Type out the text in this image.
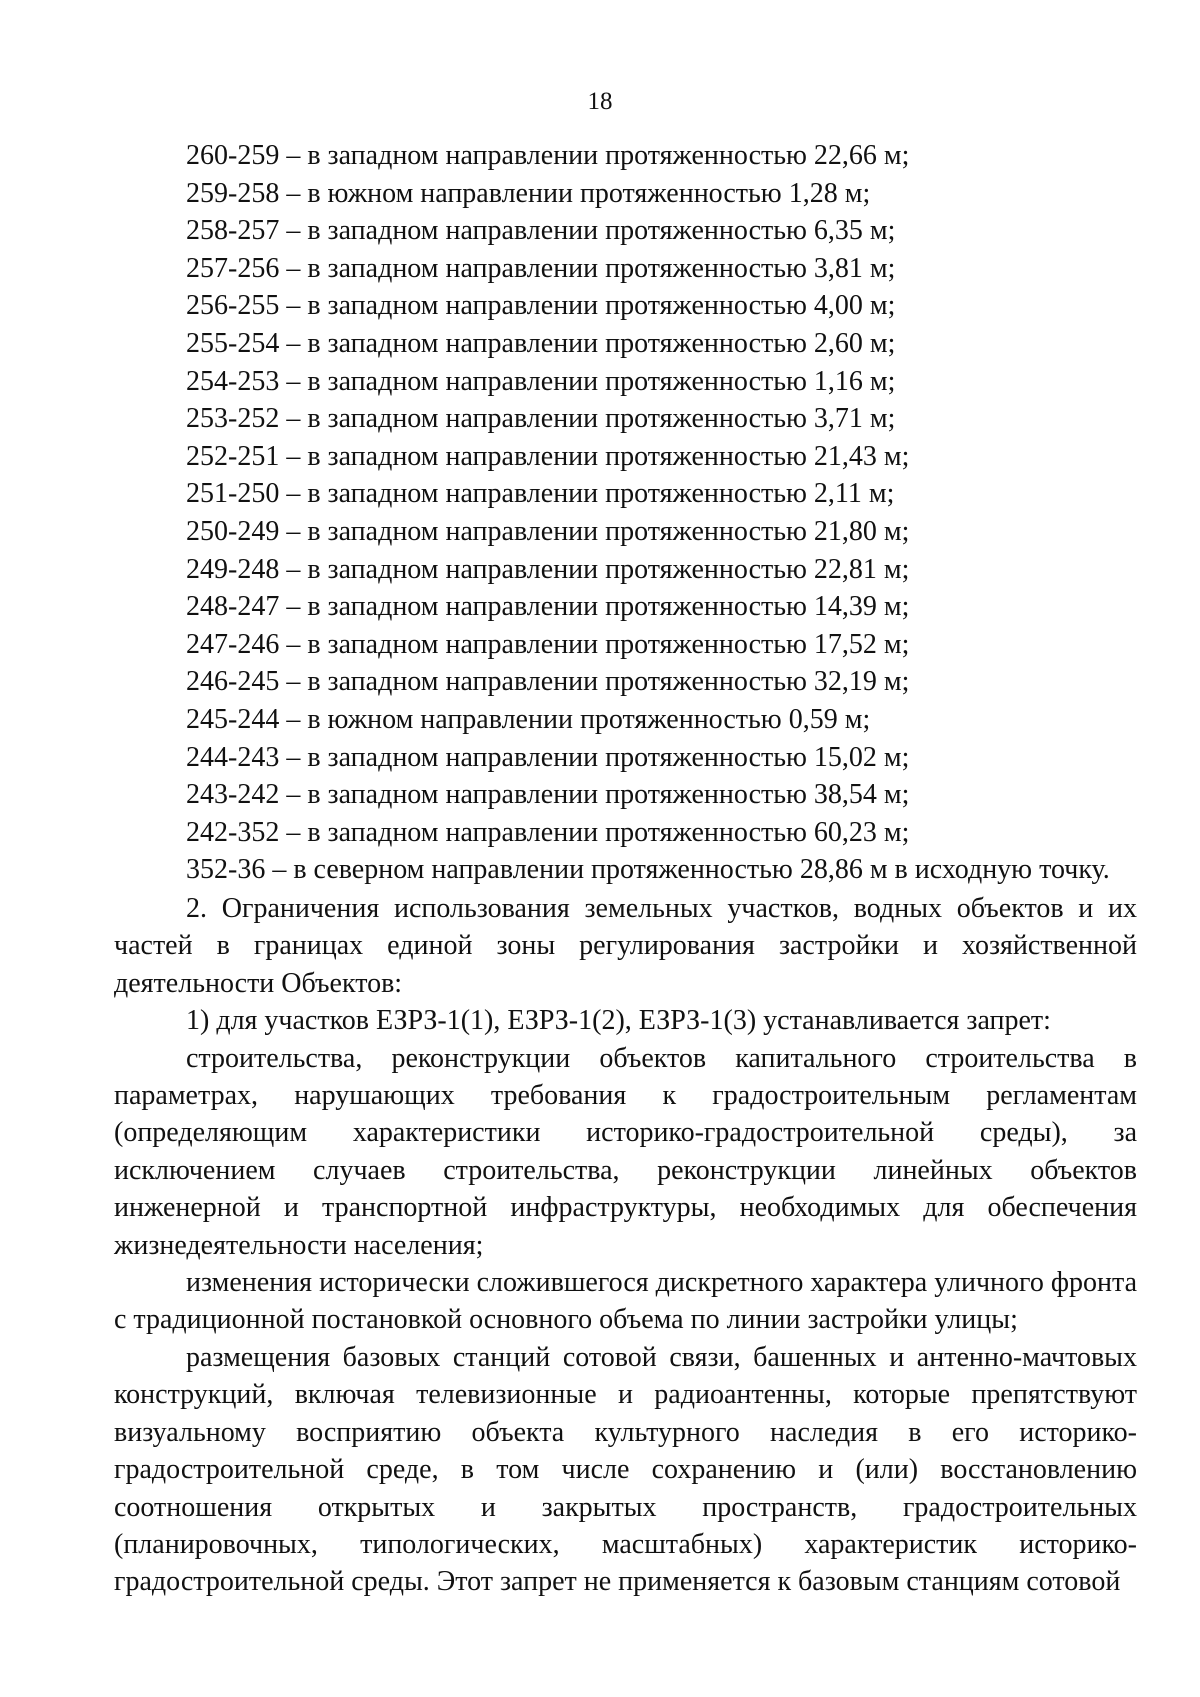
18
260-259 – в западном направлении протяженностью 22,66 м;
259-258 – в южном направлении протяженностью 1,28 м;
258-257 – в западном направлении протяженностью 6,35 м;
257-256 – в западном направлении протяженностью 3,81 м;
256-255 – в западном направлении протяженностью 4,00 м;
255-254 – в западном направлении протяженностью 2,60 м;
254-253 – в западном направлении протяженностью 1,16 м;
253-252 – в западном направлении протяженностью 3,71 м;
252-251 – в западном направлении протяженностью 21,43 м;
251-250 – в западном направлении протяженностью 2,11 м;
250-249 – в западном направлении протяженностью 21,80 м;
249-248 – в западном направлении протяженностью 22,81 м;
248-247 – в западном направлении протяженностью 14,39 м;
247-246 – в западном направлении протяженностью 17,52 м;
246-245 – в западном направлении протяженностью 32,19 м;
245-244 – в южном направлении протяженностью 0,59 м;
244-243 – в западном направлении протяженностью 15,02 м;
243-242 – в западном направлении протяженностью 38,54 м;
242-352 – в западном направлении протяженностью 60,23 м;
352-36 – в северном направлении протяженностью 28,86 м в исходную точку.

2. Ограничения использования земельных участков, водных объектов и их частей в границах единой зоны регулирования застройки и хозяйственной деятельности Объектов:

1) для участков ЕЗРЗ-1(1), ЕЗРЗ-1(2), ЕЗРЗ-1(3) устанавливается запрет:

строительства, реконструкции объектов капитального строительства в параметрах, нарушающих требования к градостроительным регламентам (определяющим характеристики историко-градостроительной среды), за исключением случаев строительства, реконструкции линейных объектов инженерной и транспортной инфраструктуры, необходимых для обеспечения жизнедеятельности населения;

изменения исторически сложившегося дискретного характера уличного фронта с традиционной постановкой основного объема по линии застройки улицы;

размещения базовых станций сотовой связи, башенных и антенно-мачтовых конструкций, включая телевизионные и радиоантенны, которые препятствуют визуальному восприятию объекта культурного наследия в его историко-градостроительной среде, в том числе сохранению и (или) восстановлению соотношения открытых и закрытых пространств, градостроительных (планировочных, типологических, масштабных) характеристик историко-градостроительной среды. Этот запрет не применяется к базовым станциям сотовой
